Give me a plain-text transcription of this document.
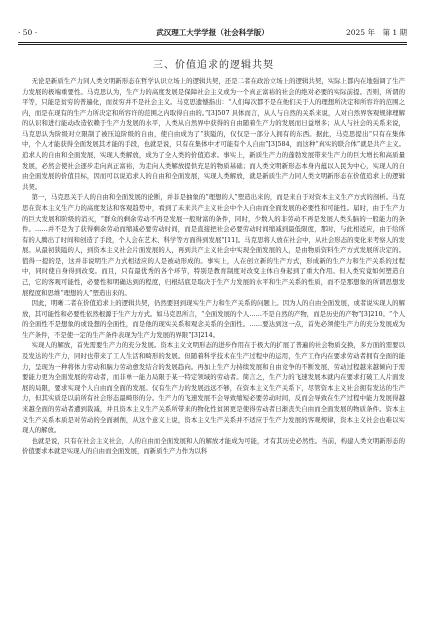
· 50 ·	武汉理工大学学报（社会科学版）	2025 年　第 1 期
三、价值追求的逻辑共契

无论是新质生产力同人类文明新形态在哲学认识立场上的逻辑共契，还是二者在政治立场上的逻辑共契，实际上都内在地强调了生产力发展的极端重要性。马克思认为，生产力的高度发展是保障社会主义或为一个真正富裕的社会的绝对必要的实际前提。否则，所谓的平等，只能是贫穷的普遍化，而贫穷并不是社会主义。马克思遗憾指出：“人们每次都不是在他们关于人的理想所决定和所容许的范围之内，而是在现有的生产力所决定和所容许的范围之内取得自由的。”[3]507 具体而言，从人与自然的关系来说，人对自然界客观规律理解的认识和进行能动改造依赖于生产力发展的水平，人类从自然界中获得的自由随着生产力的发展而日益增多；从人与社会的关系来说，马克思认为阶级对立限制了被压迫阶级的自由，使自由成为了“狭隘的，仅仅是一部分人拥有的东西。据此，马克思提出“只有在集体中，个人才能获得全面发展其才能的手段，也就是说，只有在集体中才可能有个人自由”[3]584，而这种“真实的联合体”就是共产主义。追求人的自由和全面发展，实现人类解放，成为了全人类的价值追求。事实上，新质生产力的蓬勃发展带来生产力的巨大增长和高质量发展，必然会使社会逐步走向真正富裕，为走向人类解放提供充足的物质基础；而人类文明新形态本身内蕴以人民为中心，实现人的自由全面发展的价值目标，因而可以说追求人的自由和全面发展，实现人类解放，就是新质生产力同人类文明新形态在价值追求上的逻辑共契。

第一，马克思关于人的自由和全面发展的论断，并非是抽象的“理想的人”塑造出来的，而是来自于对资本主义生产方式的剖析。马克思在资本主义生产力的高度发达和客观趋势中，看到了未来共产主义社会中个人自由而全面发展的必要性和可能性。届时，由于生产力的巨大发展和阶级的消灭，“群众的剩余劳动不再是发展一般财富的条件，同时，少数人的非劳动不再是发展人类头脑的一般能力的条件。……并不是为了获得剩余劳动而缩减必要劳动时间，而是直接把社会必要劳动时间缩减到最低限度，那时，与此相适应，由于给所有的人腾出了时间和创造了手段，个人会在艺术、科学等方面得到发展”[11]。马克思将人放在社会中，从社会形态的变化来考察人的发展。从最初狭隘的人，到资本主义社会片面发展的人，再到共产主义社会中实现全面发展的人，是由物质资料生产方式发展所决定的。值得一提的是，这并非说明生产力式相适应的人是被动形成的。事实上，人在创立新的生产方式，形成新的生产力和生产关系的过程中，同时使自身得到改变。而且，只有最优秀的各个环节，特别是教育制度对改变主体自身起到了重大作用。但人类究竟如何塑造自己，它的客观可能性，必要性和明确达到的程度，归根结底是取决于生产力发展的水平和生产关系的性质，而不是那想象的所谓思想发展程度和思维“理想的人”塑造出来的。

因此，明晰二者在价值追求上的逻辑共契，仍然要回到现实生产力和生产关系的问题上。因为人的自由全面发展，或者说实现人的解放，其可能性和必要性依然根源于生产力方式。如马克思所言，“全面发展的个人……不是自然的产物，而是历史的产物”[3]210。“个人的全面性不是想象的或设想的全面性，而是他的现实关系和观念关系的全面性。……要达到这一点，首先必须使生产力的充分发展成为生产条件，不是使一定的生产条件表现为生产力发展的界限”[3]214。

实现人的解放，首先需要生产力的充分发展。资本主义文明形态的进步作用在于极大的扩展了普遍的社会物质交换，多方面的需要以及发达的生产力，同时也带来了工人生活和畸形的发展。但随着科学技术在生产过程中的运用，生产工作内在要求劳动者拥有全面的能力，呈现为一种将体力劳动和脑力劳动愈发结合的发展趋向。再加上生产力持续发展和自由竞争的不断发展，劳动过程越来越倾向于需要能力更为全面发展的劳动者，而非单一能力局限于某一特定领域的劳动者。简言之，生产力的飞速发展本就内在要求打破工人片面发展的局限，要求实现个人自由而全面的发展。仅有生产力的发展远远不够，在资本主义生产关系下，尽管资本主义社会拥有发达的生产力，但其实质是以前所有社会形态最畸形的分。生产力的飞速发展不会导致缩短必要劳动时间，反而会导致在生产过程中能力发展得越来越全面的劳动者遭到裁减，并且资本主义生产关系所带来的物化性贫困更是使得劳动者日渐丧失自由而全面发展的物质条件。资本主义生产关系本质是对劳动的全面剥削，从这个意义上说，资本主义生产关系并不适应于生产力发展的客观规律，资本主义社会也难以实现人的解放。

也就是说，只有在社会主义社会，人的自由而全面发展和人的解放才能成为可能，才有其历史必然性。当前，构建人类文明新形态的价值要求本就是实现人的自由而全面发展，而新质生产力作为以科
